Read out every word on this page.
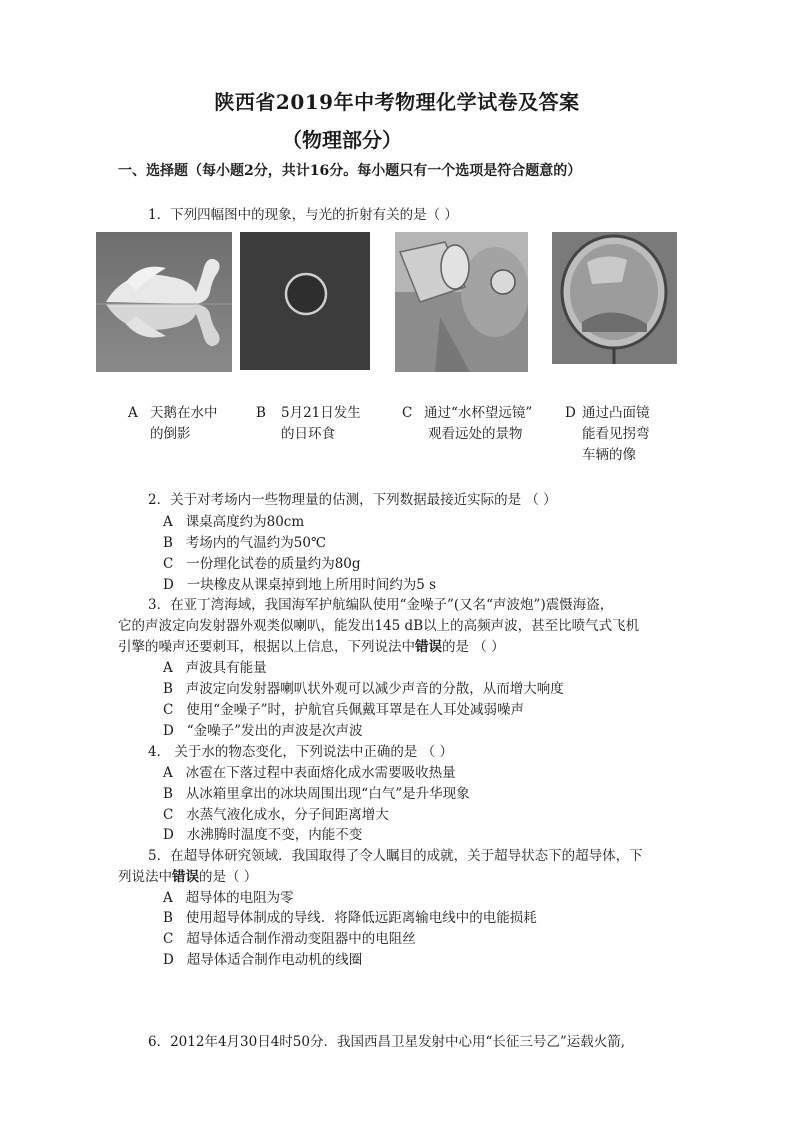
陕西省2019年中考物理化学试卷及答案
（物理部分）
一、选择题（每小题2分，共计16分。每小题只有一个选项是符合题意的）
1．下列四幅图中的现象，与光的折射有关的是（ ）
A 天鹅在水中
的倒影
B 5月21日发生
的日环食
C 通过“水杯望远镜”
观看远处的景物
D 通过凸面镜
能看见拐弯
车辆的像
2．关于对考场内一些物理量的估测，下列数据最接近实际的是 （ ）
A 课桌高度约为80cm
B 考场内的气温约为50℃
C 一份理化试卷的质量约为80g
D 一块橡皮从课桌掉到地上所用时间约为5 s
3．在亚丁湾海域，我国海军护航编队使用“金噪子”(又名“声波炮”)震慑海盗，
它的声波定向发射器外观类似喇叭，能发出145 dB以上的高频声波，甚至比喷气式飞机
引擎的噪声还要刺耳，根据以上信息，下列说法中错误的是 （ ）
A 声波具有能量
B 声波定向发射器喇叭状外观可以减少声音的分散，从而增大响度
C 使用“金噪子”时，护航官兵佩戴耳罩是在人耳处减弱噪声
D “金噪子”发出的声波是次声波
4． 关于水的物态变化，下列说法中正确的是 （ ）
A 冰雹在下落过程中表面熔化成水需要吸收热量
B 从冰箱里拿出的冰块周围出现“白气”是升华现象
C 水蒸气液化成水，分子间距离增大
D 水沸腾时温度不变，内能不变
5．在超导体研究领域．我国取得了令人瞩目的成就，关于超导状态下的超导体，下
列说法中错误的是（ ）
A 超导体的电阻为零
B 使用超导体制成的导线．将降低远距离输电线中的电能损耗
C 超导体适合制作滑动变阻器中的电阻丝
D 超导体适合制作电动机的线圈
6．2012年4月30日4时50分．我国西昌卫星发射中心用“长征三号乙”运载火箭,
